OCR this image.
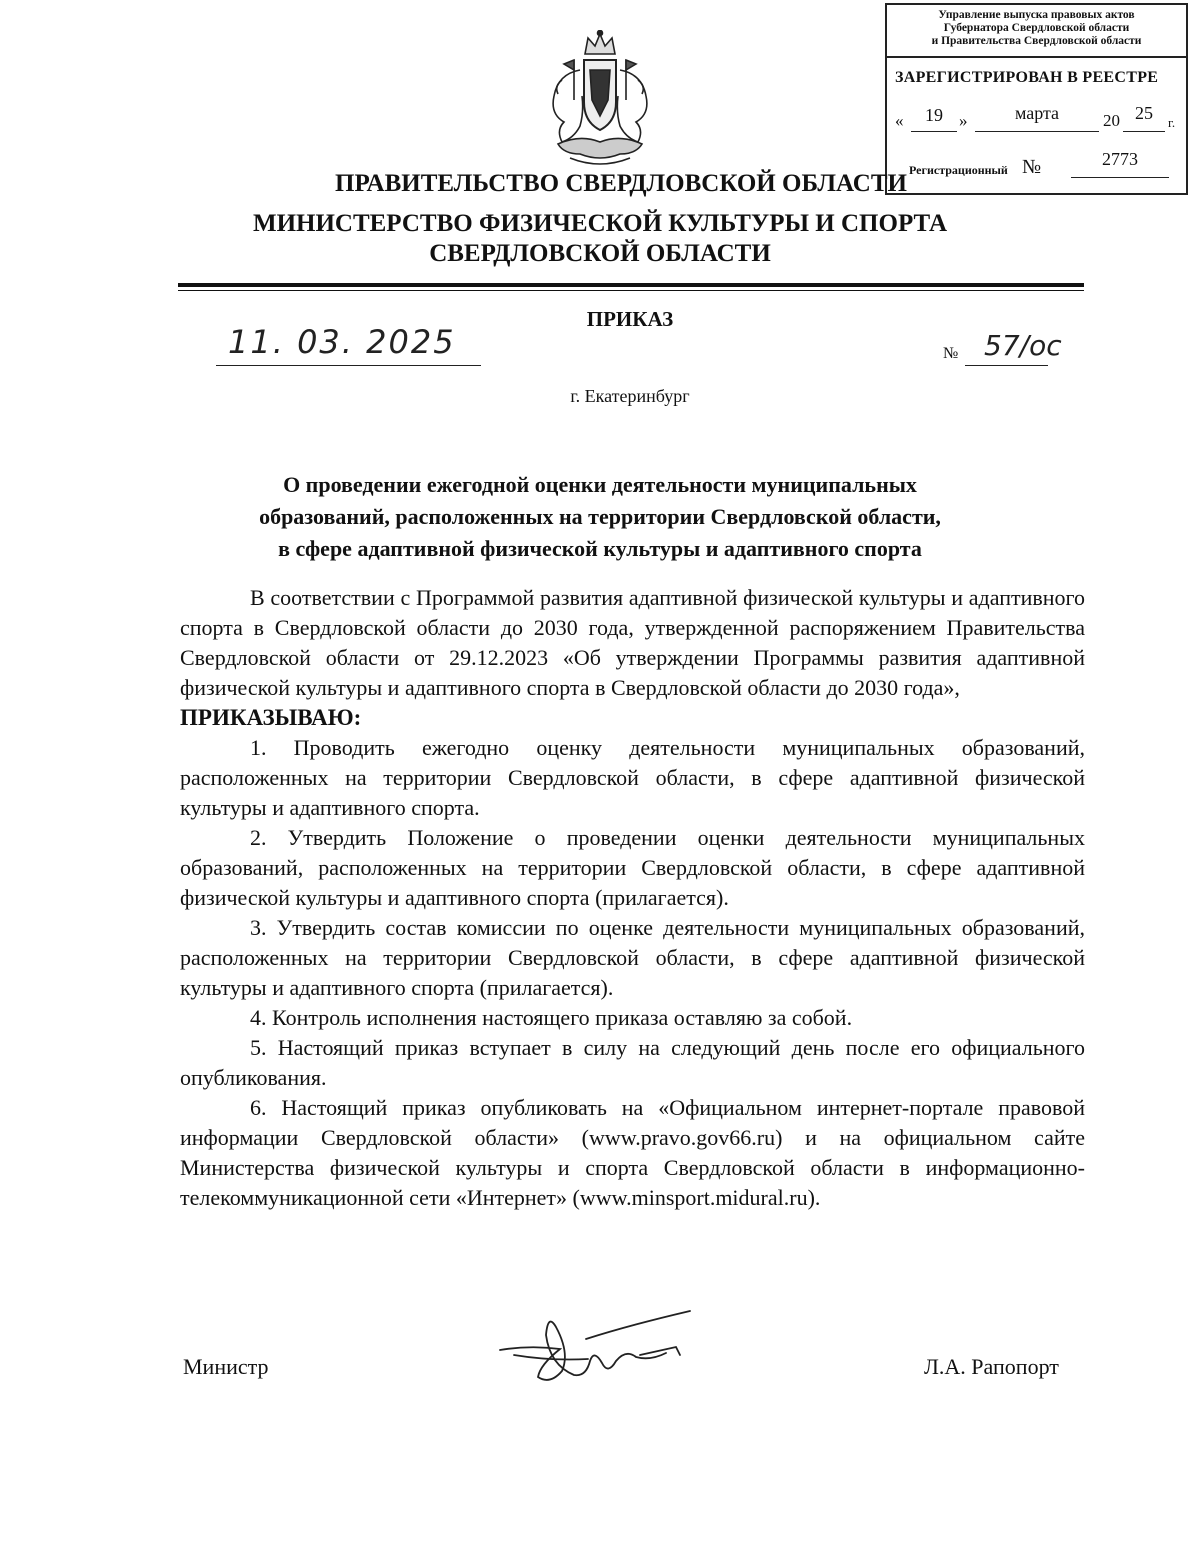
Управление выпуска правовых актов
Губернатора Свердловской области
и Правительства Свердловской области
ЗАРЕГИСТРИРОВАН В РЕЕСТРЕ
«	19 »	марта	20 25	г.
Регистрационный №	2773
ПРАВИТЕЛЬСТВО СВЕРДЛОВСКОЙ ОБЛАСТИ
МИНИСТЕРСТВО ФИЗИЧЕСКОЙ КУЛЬТУРЫ И СПОРТА
СВЕРДЛОВСКОЙ ОБЛАСТИ
ПРИКАЗ
11. 03. 2025	№ 57/ос
г. Екатеринбург
О проведении ежегодной оценки деятельности муниципальных
образований, расположенных на территории Свердловской области,
в сфере адаптивной физической культуры и адаптивного спорта

В соответствии с Программой развития адаптивной физической культуры и адаптивного спорта в Свердловской области до 2030 года, утвержденной распоряжением Правительства Свердловской области от 29.12.2023 «Об утверждении Программы развития адаптивной физической культуры и адаптивного спорта в Свердловской области до 2030 года»,

ПРИКАЗЫВАЮ:

1. Проводить ежегодно оценку деятельности муниципальных образований, расположенных на территории Свердловской области, в сфере адаптивной физической культуры и адаптивного спорта.

2. Утвердить Положение о проведении оценки деятельности муниципальных образований, расположенных на территории Свердловской области, в сфере адаптивной физической культуры и адаптивного спорта (прилагается).

3. Утвердить состав комиссии по оценке деятельности муниципальных образований, расположенных на территории Свердловской области, в сфере адаптивной физической культуры и адаптивного спорта (прилагается).

4. Контроль исполнения настоящего приказа оставляю за собой.

5. Настоящий приказ вступает в силу на следующий день после его официального опубликования.

6. Настоящий приказ опубликовать на «Официальном интернет-портале правовой информации Свердловской области» (www.pravo.gov66.ru) и на официальном сайте Министерства физической культуры и спорта Свердловской области в информационно-телекоммуникационной сети «Интернет» (www.minsport.midural.ru).

Министр	Л.А. Рапопорт
